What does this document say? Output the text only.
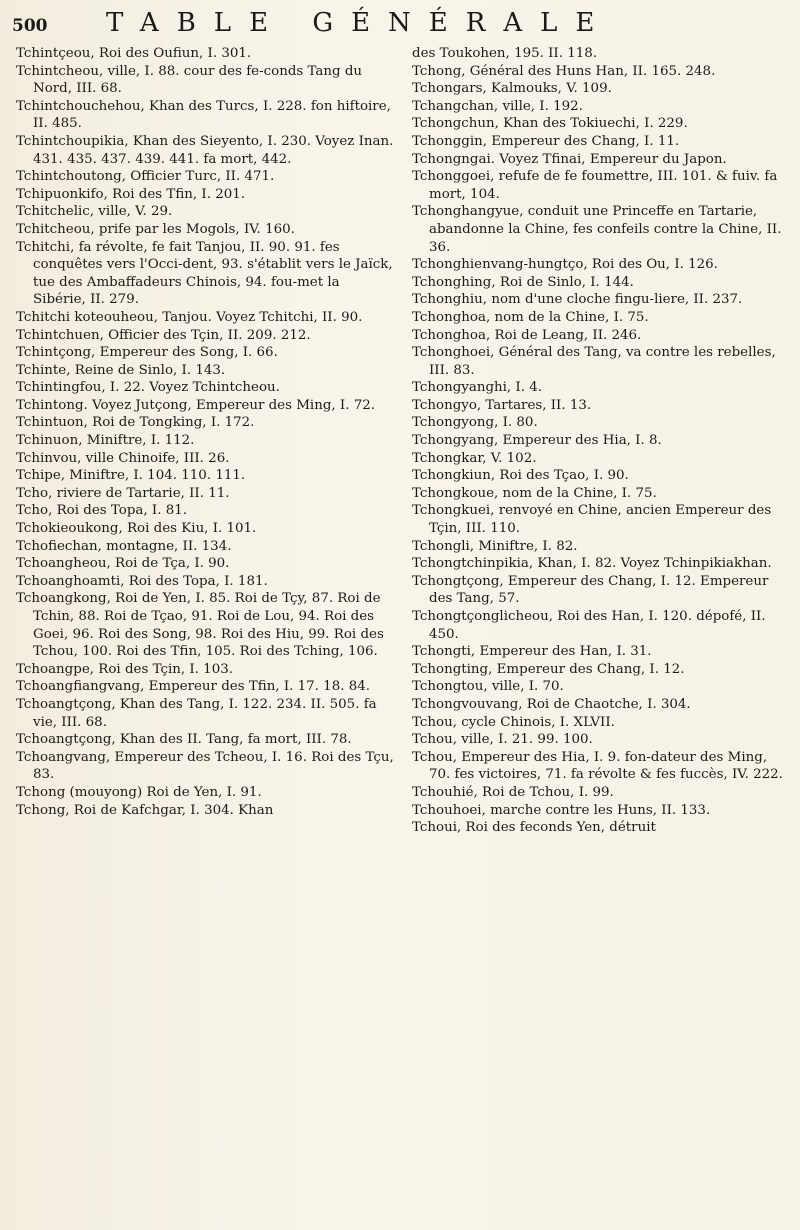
500	TABLE GÉNÉRALE

Tchintçeou, Roi des Oufiun, I. 301.

Tchintcheou, ville, I. 88. cour des fe-conds Tang du Nord, III. 68.

Tchintchouchehou, Khan des Turcs, I. 228. fon hiftoire, II. 485.

Tchintchoupikia, Khan des Sieyento, I. 230. Voyez Inan. 431. 435. 437. 439. 441. fa mort, 442.

Tchintchoutong, Officier Turc, II. 471.

Tchipuonkifo, Roi des Tfin, I. 201.

Tchitchelic, ville, V. 29.

Tchitcheou, prife par les Mogols, IV. 160.

Tchitchi, fa révolte, fe fait Tanjou, II. 90. 91. fes conquêtes vers l'Occi-dent, 93. s'établit vers le Jaïck, tue des Ambaffadeurs Chinois, 94. fou-met la Sibérie, II. 279.

Tchitchi koteouheou, Tanjou. Voyez Tchitchi, II. 90.

Tchintchuen, Officier des Tçin, II. 209. 212.

Tchintçong, Empereur des Song, I. 66.

Tchinte, Reine de Sinlo, I. 143.

Tchintingfou, I. 22. Voyez Tchintcheou.

Tchintong. Voyez Jutçong, Empereur des Ming, I. 72.

Tchintuon, Roi de Tongking, I. 172.

Tchinuon, Miniftre, I. 112.

Tchinvou, ville Chinoife, III. 26.

Tchipe, Miniftre, I. 104. 110. 111.

Tcho, riviere de Tartarie, II. 11.

Tcho, Roi des Topa, I. 81.

Tchokieoukong, Roi des Kiu, I. 101.

Tchofiechan, montagne, II. 134.

Tchoangheou, Roi de Tça, I. 90.

Tchoanghoamti, Roi des Topa, I. 181.

Tchoangkong, Roi de Yen, I. 85. Roi de Tçy, 87. Roi de Tchin, 88. Roi de Tçao, 91. Roi de Lou, 94. Roi des Goei, 96. Roi des Song, 98. Roi des Hiu, 99. Roi des Tchou, 100. Roi des Tfin, 105. Roi des Tching, 106.

Tchoangpe, Roi des Tçin, I. 103.

Tchoangfiangvang, Empereur des Tfin, I. 17. 18. 84.

Tchoangtçong, Khan des Tang, I. 122. 234. II. 505. fa vie, III. 68.

Tchoangtçong, Khan des II. Tang, fa mort, III. 78.

Tchoangvang, Empereur des Tcheou, I. 16. Roi des Tçu, 83.

Tchong (mouyong) Roi de Yen, I. 91.

Tchong, Roi de Kafchgar, I. 304. Khan

des Toukohen, 195. II. 118.

Tchong, Général des Huns Han, II. 165. 248.

Tchongars, Kalmouks, V. 109.

Tchangchan, ville, I. 192.

Tchongchun, Khan des Tokiuechi, I. 229.

Tchonggin, Empereur des Chang, I. 11.

Tchongngai. Voyez Tfinai, Empereur du Japon.

Tchonggoei, refufe de fe foumettre, III. 101. & fuiv. fa mort, 104.

Tchonghangyue, conduit une Princeffe en Tartarie, abandonne la Chine, fes confeils contre la Chine, II. 36.

Tchonghienvang-hungtço, Roi des Ou, I. 126.

Tchonghing, Roi de Sinlo, I. 144.

Tchonghiu, nom d'une cloche fingu-liere, II. 237.

Tchonghoa, nom de la Chine, I. 75.

Tchonghoa, Roi de Leang, II. 246.

Tchonghoei, Général des Tang, va contre les rebelles, III. 83.

Tchongyanghi, I. 4.

Tchongyo, Tartares, II. 13.

Tchongyong, I. 80.

Tchongyang, Empereur des Hia, I. 8.

Tchongkar, V. 102.

Tchongkiun, Roi des Tçao, I. 90.

Tchongkoue, nom de la Chine, I. 75.

Tchongkuei, renvoyé en Chine, ancien Empereur des Tçin, III. 110.

Tchongli, Miniftre, I. 82.

Tchongtchinpikia, Khan, I. 82. Voyez Tchinpikiakhan.

Tchongtçong, Empereur des Chang, I. 12. Empereur des Tang, 57.

Tchongtçonglicheou, Roi des Han, I. 120. dépofé, II. 450.

Tchongti, Empereur des Han, I. 31.

Tchongting, Empereur des Chang, I. 12.

Tchongtou, ville, I. 70.

Tchongvouvang, Roi de Chaotche, I. 304.

Tchou, cycle Chinois, I. XLVII.

Tchou, ville, I. 21. 99. 100.

Tchou, Empereur des Hia, I. 9. fon-dateur des Ming, 70. fes victoires, 71. fa révolte & fes fuccès, IV. 222.

Tchouhié, Roi de Tchou, I. 99.

Tchouhoei, marche contre les Huns, II. 133.

Tchoui, Roi des feconds Yen, détruit
